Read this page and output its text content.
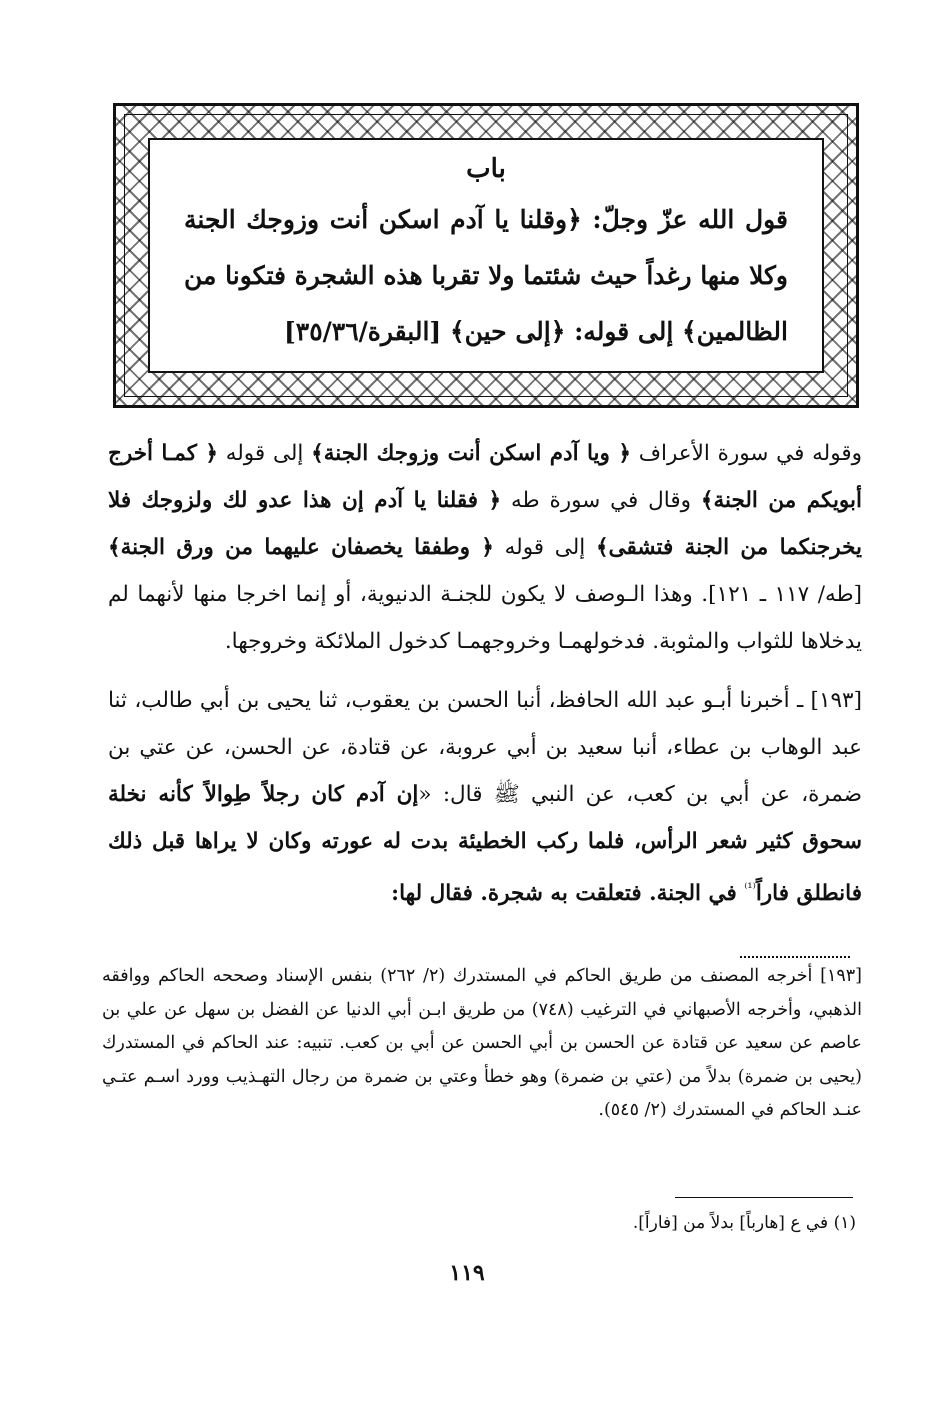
باب

قول الله عزّ وجلّ: ﴿وقلنا يا آدم اسكن أنت وزوجك الجنة
وكلا منها رغداً حيث شئتما ولا تقربا هذه الشجرة فتكونا من
الظالمين﴾ إلى قوله: ﴿إلى حين﴾ [البقرة/٣٥/٣٦]

وقوله في سورة الأعراف ﴿ ويا آدم اسكن أنت وزوجك الجنة﴾ إلى قوله ﴿ كمـا أخرج أبويكم من الجنة﴾ وقال في سورة طه ﴿ فقلنا يا آدم إن هذا عدو لك ولزوجك فلا يخرجنكما من الجنة فتشقى﴾ إلى قوله ﴿ وطفقا يخصفان عليهما من ورق الجنة﴾ [طه/ ١١٧ ـ ١٢١]. وهذا الـوصف لا يكون للجنـة الدنيوية، أو إنما اخرجا منها لأنهما لم يدخلاها للثواب والمثوبة. فدخولهمـا وخروجهمـا كدخول الملائكة وخروجها.

[١٩٣] ـ أخبرنا أبـو عبد الله الحافظ، أنبا الحسن بن يعقوب، ثنا يحيى بن أبي طالب، ثنا عبد الوهاب بن عطاء، أنبا سعيد بن أبي عروبة، عن قتادة، عن الحسن، عن عتي بن ضمرة، عن أبي بن كعب، عن النبي ﷺ قال: «إن آدم كان رجلاً طِوالاً كأنه نخلة سحوق كثير شعر الرأس، فلما ركب الخطيئة بدت له عورته وكان لا يراها قبل ذلك فانطلق فاراً$^{^{(1)}}$ في الجنة. فتعلقت به شجرة. فقال لها:

[١٩٣] أخرجه المصنف من طريق الحاكم في المستدرك (٢/ ٢٦٢) بنفس الإسناد وصححه الحاكم ووافقه الذهبي، وأخرجه الأصبهاني في الترغيب (٧٤٨) من طريق ابـن أبي الدنيا عن الفضل بن سهل عن علي بن عاصم عن سعيد عن قتادة عن الحسن بن أبي الحسن عن أبي بن كعب. تنبيه: عند الحاكم في المستدرك (يحيى بن ضمرة) بدلاً من (عتي بن ضمرة) وهو خطأ وعتي بن ضمرة من رجال التهـذيب وورد اسـم عتـي عنـد الحاكم في المستدرك (٢/ ٥٤٥).

(١) في ع [هارباً] بدلاً من [فاراً].

١١٩
